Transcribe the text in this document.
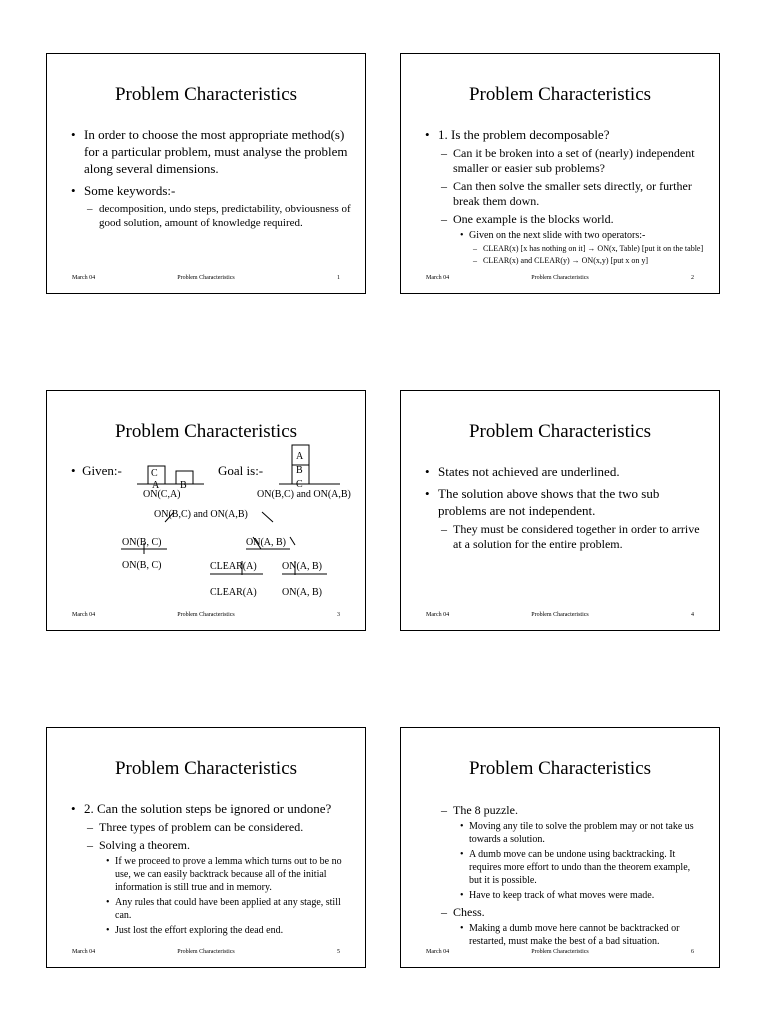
Problem Characteristics
• In order to choose the most appropriate method(s) for a particular problem, must analyse the problem along several dimensions.
• Some keywords:-
– decomposition, undo steps, predictability, obviousness of good solution, amount of knowledge required.
March 04	Problem Characteristics	1
Problem Characteristics
• 1. Is the problem decomposable?
– Can it be broken into a set of (nearly) independent smaller or easier sub problems?
– Can then solve the smaller sets directly, or further break them down.
– One example is the blocks world.
• Given on the next slide with two operators:-
– CLEAR(x) [x has nothing on it] → ON(x, Table) [put it on the table]
– CLEAR(x) and CLEAR(y) → ON(x,y) [put x on y]
March 04	Problem Characteristics	2
Problem Characteristics
•  Given:-	Goal is:-
C
A B
A
B
C
ON(C,A)	ON(B,C) and ON(A,B)
ON(B,C) and ON(A,B)
ON(B, C)
ON(B, C)
ON(A, B)
CLEAR(A)	ON(A, B)
CLEAR(A)	ON(A, B)
March 04	Problem Characteristics	3
Problem Characteristics
• States not achieved are underlined.
• The solution above shows that the two sub problems are not independent.
– They must be considered together in order to arrive at a solution for the entire problem.
March 04	Problem Characteristics	4
Problem Characteristics
• 2. Can the solution steps be ignored or undone?
– Three types of problem can be considered.
– Solving a theorem.
• If we proceed to prove a lemma which turns out to be no use, we can easily backtrack because all of the initial information is still true and in memory.
• Any rules that could have been applied at any stage, still can.
• Just lost the effort exploring the dead end.
March 04	Problem Characteristics	5
Problem Characteristics
– The 8 puzzle.
• Moving any tile to solve the problem may or not take us towards a solution.
• A dumb move can be undone using backtracking. It requires more effort to undo than the theorem example, but it is possible.
• Have to keep track of what moves were made.
– Chess.
• Making a dumb move here cannot be backtracked or restarted, must make the best of a bad situation.
March 04	Problem Characteristics	6
